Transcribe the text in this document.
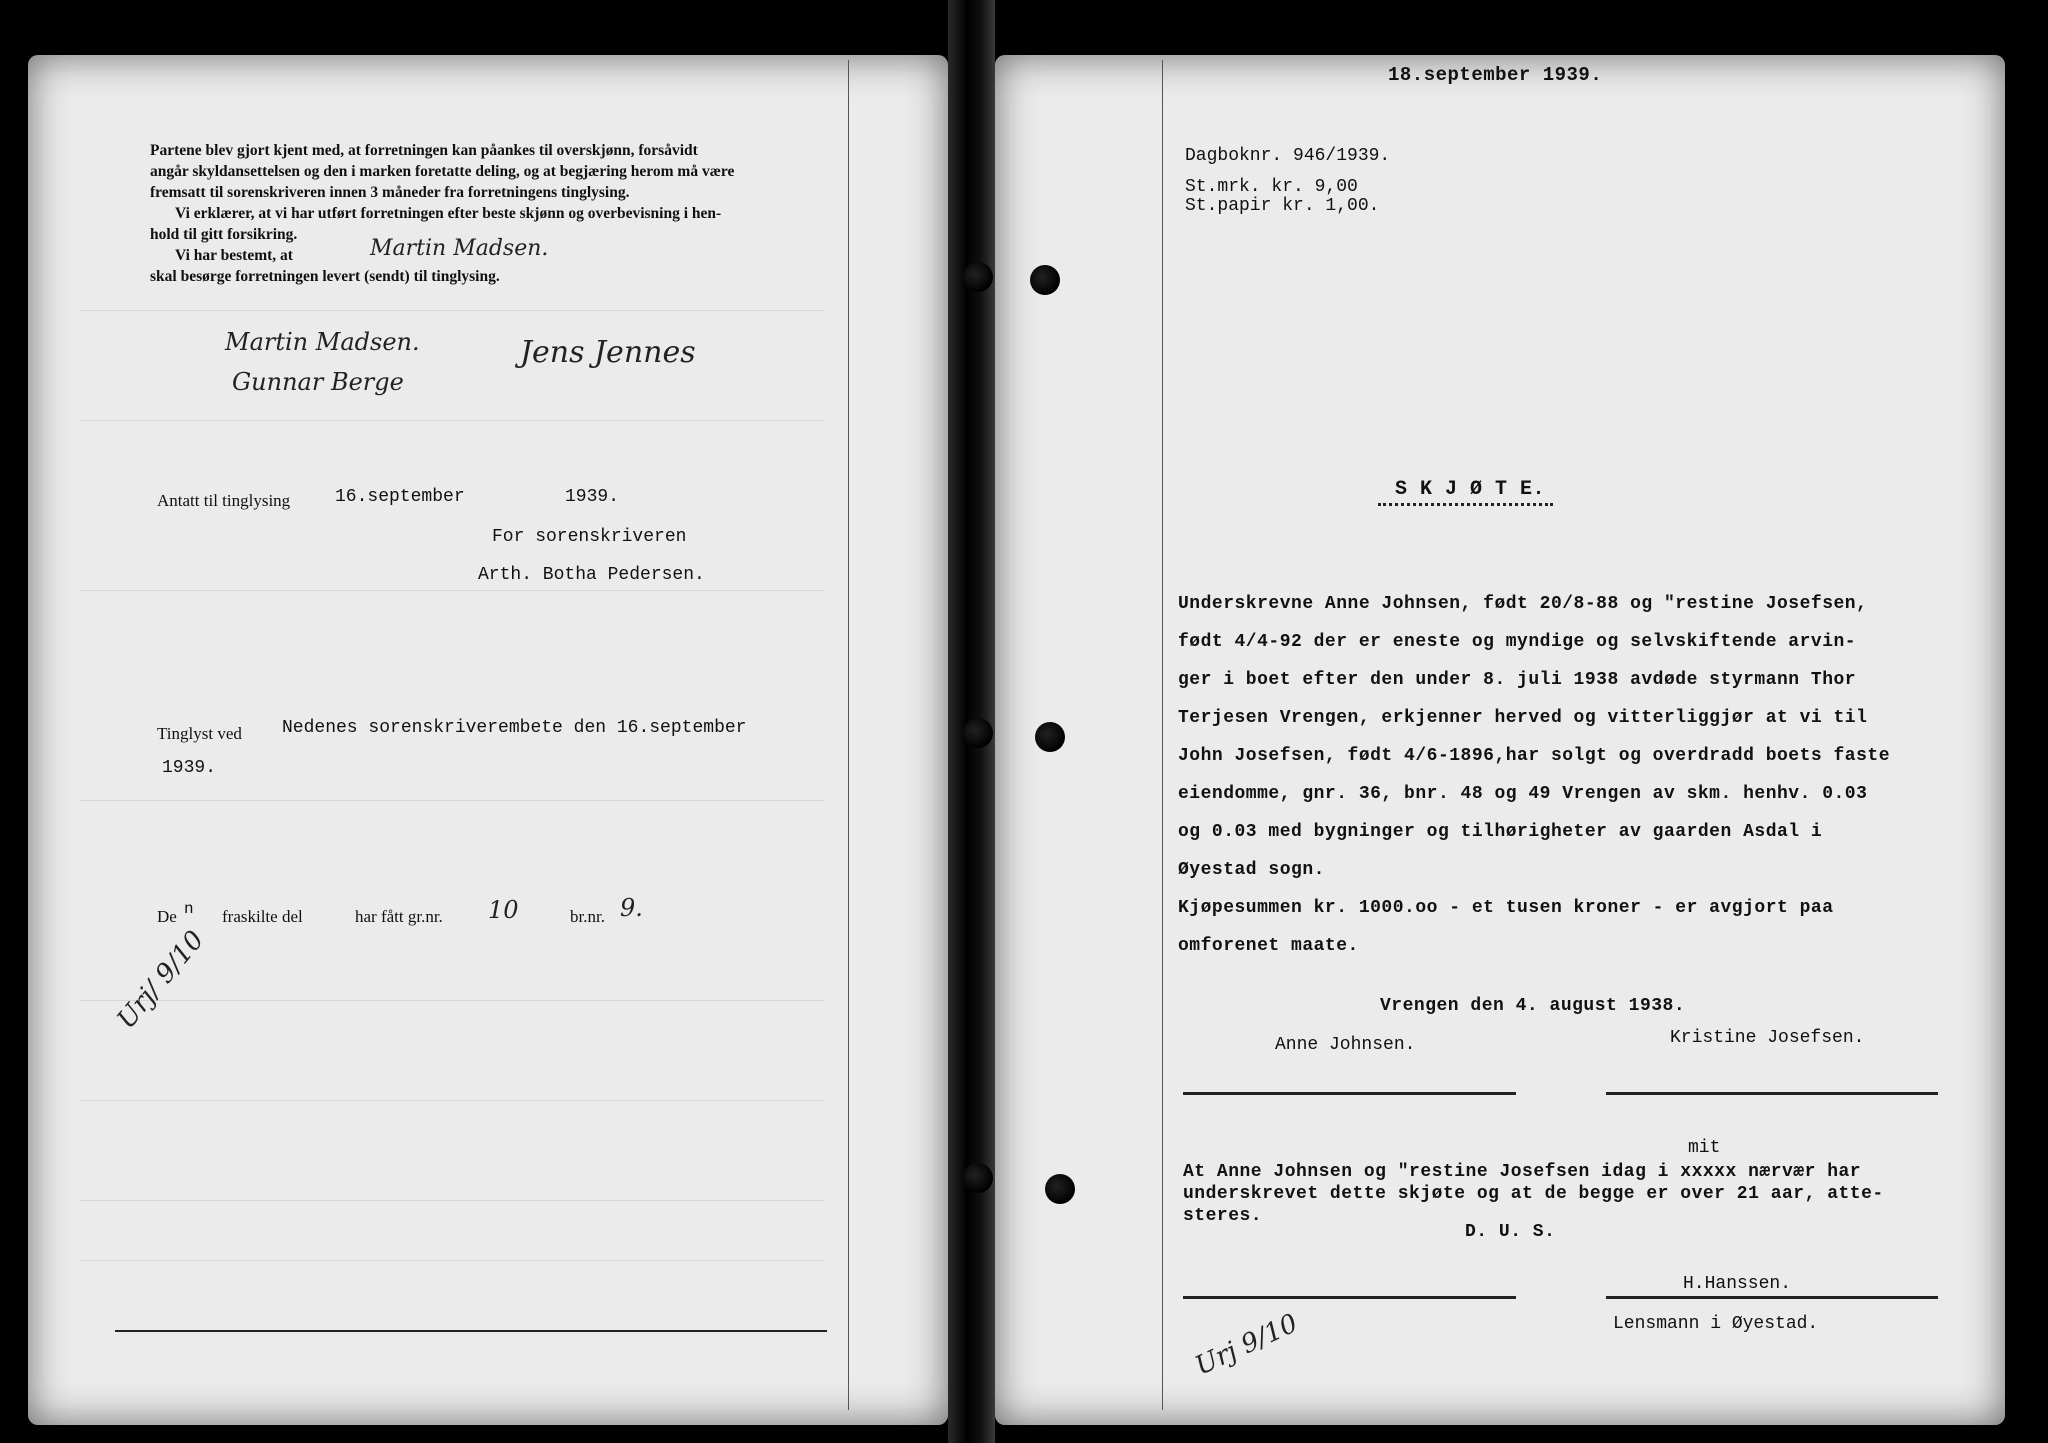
Partene blev gjort kjent med, at forretningen kan påankes til overskjønn, forsåvidt
angår skyldansettelsen og den i marken foretatte deling, og at begjæring herom må være
fremsatt til sorenskriveren innen 3 måneder fra forretningens tinglysing.
Vi erklærer, at vi har utført forretningen efter beste skjønn og overbevisning i hen-
hold til gitt forsikring.
Vi har bestemt, at	Martin Madsen.
skal besørge forretningen levert (sendt) til tinglysing.
Martin Madsen.
Gunnar Berge
Jens Jennes
Antatt til tinglysing 16.september	1939.
For sorenskriveren
Arth. Botha Pedersen.
Tinglyst ved Nedenes sorenskriverembete den 16.september
1939.
De n fraskilte del	har fått gr.nr. 10	br.nr. 9.
Urj/ 9/10
18.september 1939.
Dagboknr. 946/1939.
St.mrk. kr. 9,00
St.papir kr. 1,00.
S K J Ø T E.
Underskrevne Anne Johnsen, født 20/8-88 og "restine Josefsen,
født 4/4-92 der er eneste og myndige og selvskiftende arvin-
ger i boet efter den under 8. juli 1938 avdøde styrmann Thor
Terjesen Vrengen, erkjenner herved og vitterliggjør at vi til
John Josefsen, født 4/6-1896,har solgt og overdradd boets faste
eiendomme, gnr. 36, bnr. 48 og 49 Vrengen av skm. henhv. 0.03
og 0.03 med bygninger og tilhørigheter av gaarden Asdal i
Øyestad sogn.
Kjøpesummen kr. 1000.oo - et tusen kroner - er avgjort paa
omforenet maate.
Vrengen den 4. august 1938.
Anne Johnsen.	Kristine Josefsen.
mit
At Anne Johnsen og "restine Josefsen idag i xxxxx nærvær har
underskrevet dette skjøte og at de begge er over 21 aar, atte-
steres.
D. U. S.
H.Hanssen.
Lensmann i Øyestad.
Urj 9/10
